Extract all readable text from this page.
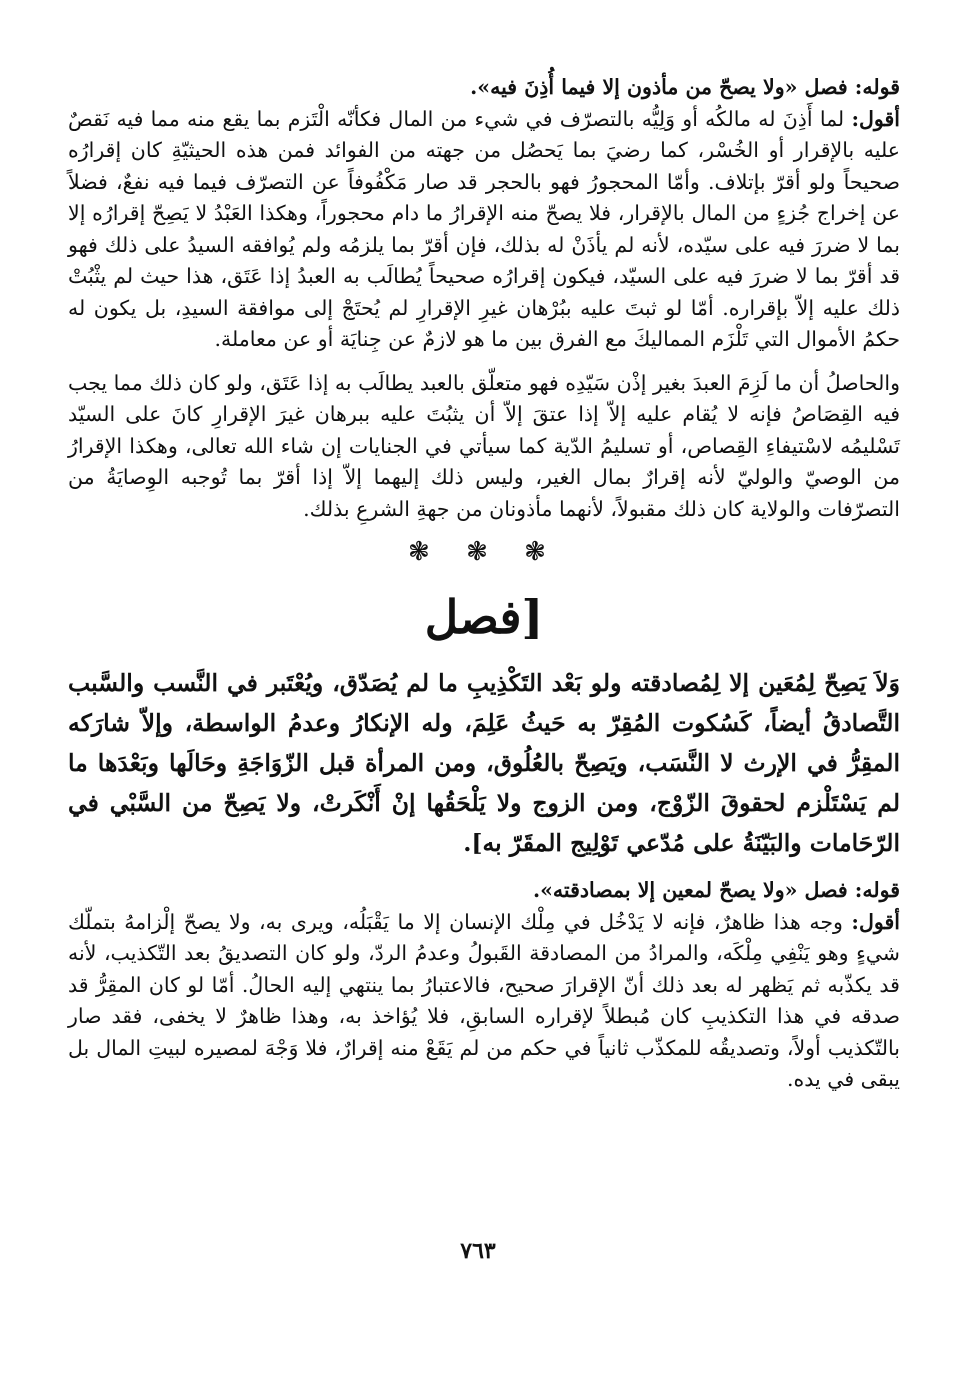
قوله: فصل «ولا يصحّ من مأذون إلا فيما أُذِنَ فيه».

أقول: لما أَذِنَ له مالكُه أو وَلِيُّه بالتصرّف في شيء من المال فكأنّه الْتَزم بما يقع منه مما فيه نَقصٌ عليه بالإقرار أو الخُسْر، كما رضيَ بما يَحصُل من جهته من الفوائد فمن هذه الحيثيّةِ كان إقرارُه صحيحاً ولو أقرّ بإتلاف. وأمّا المحجورُ فهو بالحجر قد صار مَكْفُوفاً عن التصرّف فيما فيه نفعٌ، فضلاً عن إخراج جُزءٍ من المال بالإقرار، فلا يصحّ منه الإقرارُ ما دام محجوراً، وهكذا العَبْدُ لا يَصِحّ إقرارُه إلا بما لا ضررَ فيه على سيّده، لأنه لم يأذَنْ له بذلك، فإن أقرّ بما يلزمُه ولم يُوافقه السيدُ على ذلك فهو قد أقرّ بما لا ضررَ فيه على السيّد، فيكون إقرارُه صحيحاً يُطالَب به العبدُ إذا عَتَق، هذا حيث لم يثْبُتْ ذلك عليه إلاّ بإقراره. أمّا لو ثبتَ عليه ببُرْهان غيرِ الإقرارِ لم يُحتَجْ إلى موافقة السيدِ، بل يكون له حكمُ الأموال التي تَلْزَم المماليكَ مع الفرق بين ما هو لازمٌ عن جِنايَة أو عن معاملة.

والحاصلُ أن ما لَزِمَ العبدَ بغير إذْن سَيّدِه فهو متعلّق بالعبد يطالَب به إذا عَتَق، ولو كان ذلك مما يجب فيه القِصَاصُ فإنه لا يُقام عليه إلاّ إذا عتقَ إلاّ أن يثبُتَ عليه ببرهان غيرَ الإقرارِ كانَ على السيّد تَسْليمُه لاسْتيفاءِ القِصاص، أو تسليمُ الدّية كما سيأتي في الجنايات إن شاء الله تعالى، وهكذا الإقرارُ من الوصيّ والوليّ لأنه إقرارٌ بمال الغير، وليس ذلك إليهما إلاّ إذا أقرّ بما تُوجبه الوِصايَةُ من التصرّفات والولاية كان ذلك مقبولاً، لأنهما مأذونان من جهةِ الشرعِ بذلك.

❃ ❃ ❃
[فصل

وَلاَ يَصِحّ لِمُعَين إلا لِمُصادقته ولو بَعْد التَكْذِيبِ ما لم يُصَدّق، ويُعْتَبر في النَّسب والسَّبب التَّصادقُ أيضاً، كَسُكوت المُقِرّ به حَيثُ عَلِمَ، وله الإنكارُ وعدمُ الواسطة، وإلاّ شارَكه المقِرُّ في الإرث لا النَّسَب، ويَصِحّ بالعُلُوق، ومن المرأة قبل الزّوَاجَةِ وحَالَها وبَعْدَها ما لم يَسْتَلْزم لحقوقَ الزّوْج، ومن الزوج ولا يَلْحَقُها إنْ أَنْكَرتْ، ولا يَصِحّ من السَّبْي في الرّحَامات والبَيّنَةُ على مُدّعي تَوْلِيج المقَرّ به].

قوله: فصل «ولا يصحّ لمعين إلا بمصادقته».

أقول: وجه هذا ظاهرٌ، فإنه لا يَدْخُل في مِلْك الإنسان إلا ما يَقْبَلُه، ويرى به، ولا يصحّ إلْزامهُ بتملّك شيءٍ وهو يَنْفِي مِلْكَه، والمرادُ من المصادقة القَبولُ وعدمُ الردّ، ولو كان التصديقُ بعد التّكذيب، لأنه قد يكذّبه ثم يَظهر له بعد ذلك أنّ الإقرارَ صحيح، فالاعتبارُ بما ينتهي إليه الحالُ. أمّا لو كان المقِرُّ قد صدقه في هذا التكذيبِ كان مُبطلاً لإقراره السابقِ، فلا يُؤاخذ به، وهذا ظاهرٌ لا يخفى، فقد صار بالتّكذيب أولاً، وتصديقُه للمكذّب ثانياً في حكم من لم يَقَعْ منه إقرارٌ، فلا وَجْهَ لمصيره لبيتِ المال بل يبقى في يده.

٧٦٣
